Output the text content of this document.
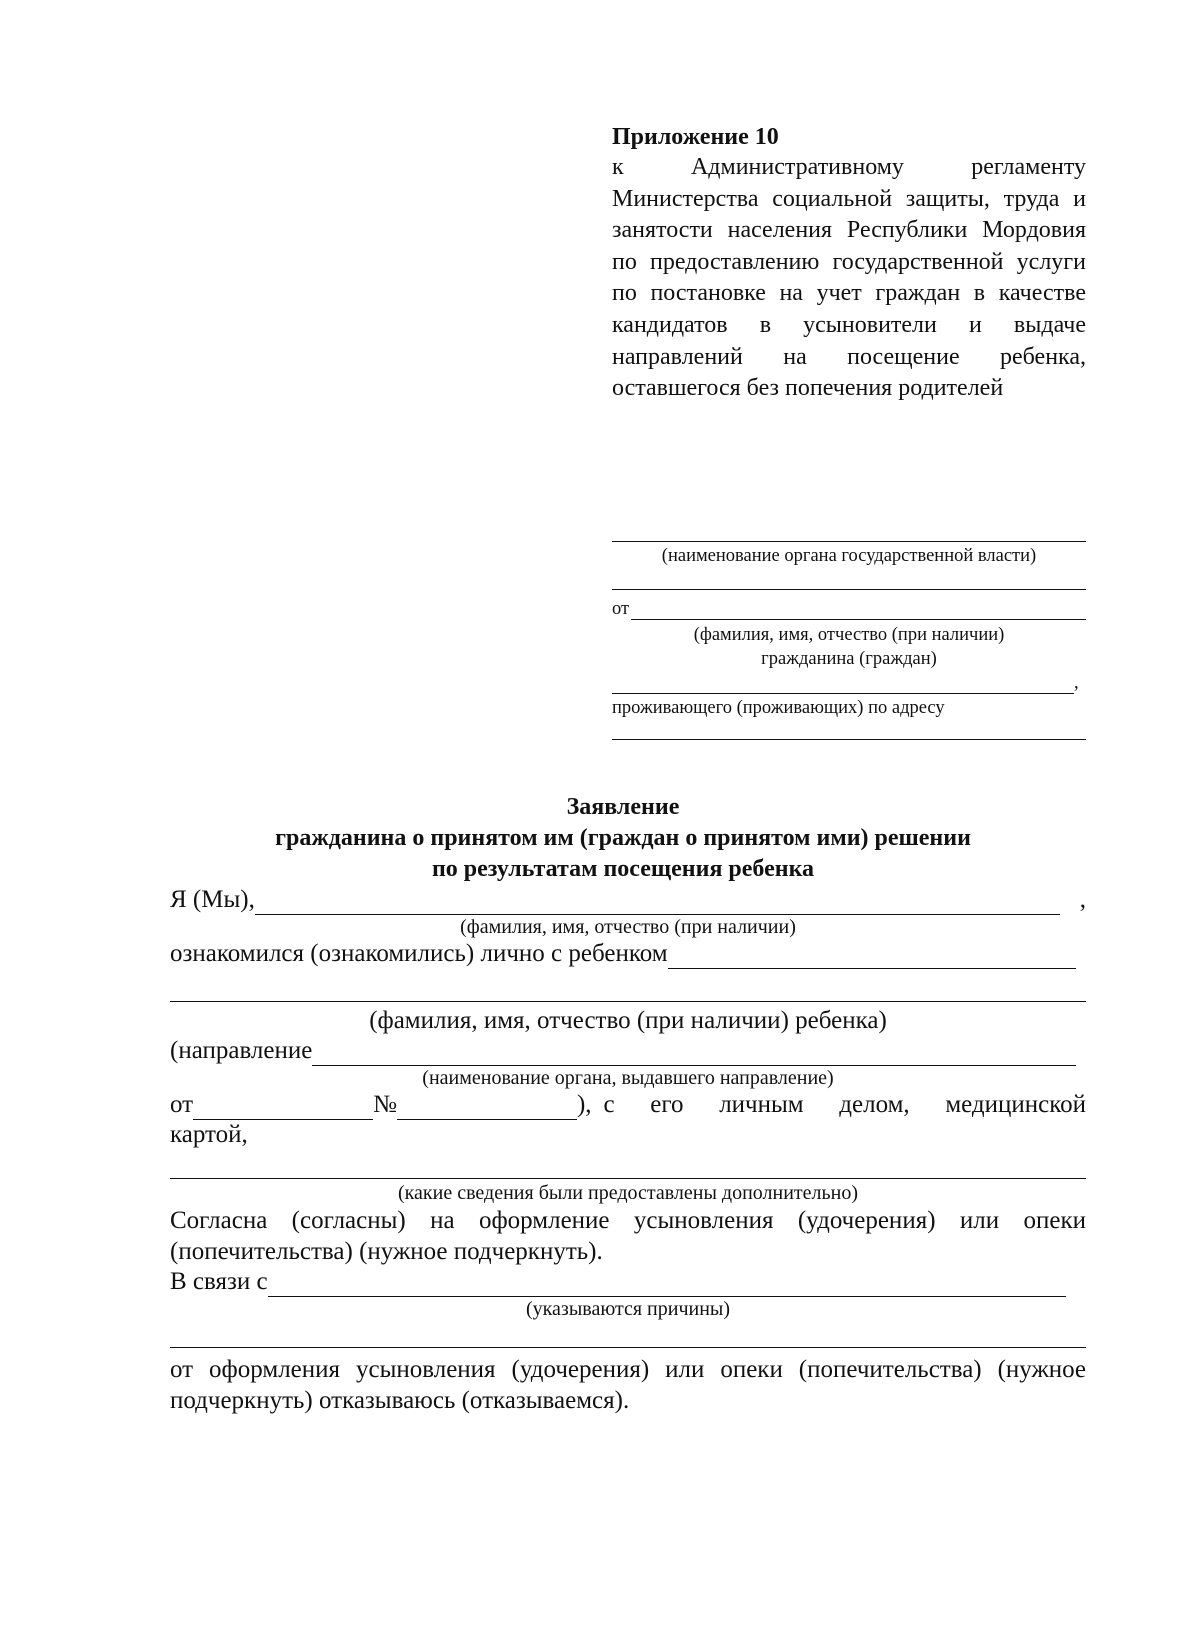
Приложение 10

к Административному регламенту Министерства социальной защиты, труда и занятости населения Республики Мордовия по предоставлению государственной услуги по постановке на учет граждан в качестве кандидатов в усыновители и выдаче направлений на посещение ребенка, оставшегося без попечения родителей

(наименование органа государственной власти)
от
(фамилия, имя, отчество (при наличии)
гражданина (граждан)
,
проживающего (проживающих) по адресу
Заявление
гражданина о принятом им (граждан о принятом ими) решении
по результатам посещения ребенка
Я (Мы),	,
(фамилия, имя, отчество (при наличии)
ознакомился (ознакомились) лично с ребенком
(фамилия, имя, отчество (при наличии) ребенка)
(направление
(наименование органа, выдавшего направление)
от	№	), с его личным делом, медицинской
картой,
(какие сведения были предоставлены дополнительно)

Согласна (согласны) на оформление усыновления (удочерения) или опеки (попечительства) (нужное подчеркнуть).

В связи с
(указываются причины)

от оформления усыновления (удочерения) или опеки (попечительства) (нужное подчеркнуть) отказываюсь (отказываемся).
